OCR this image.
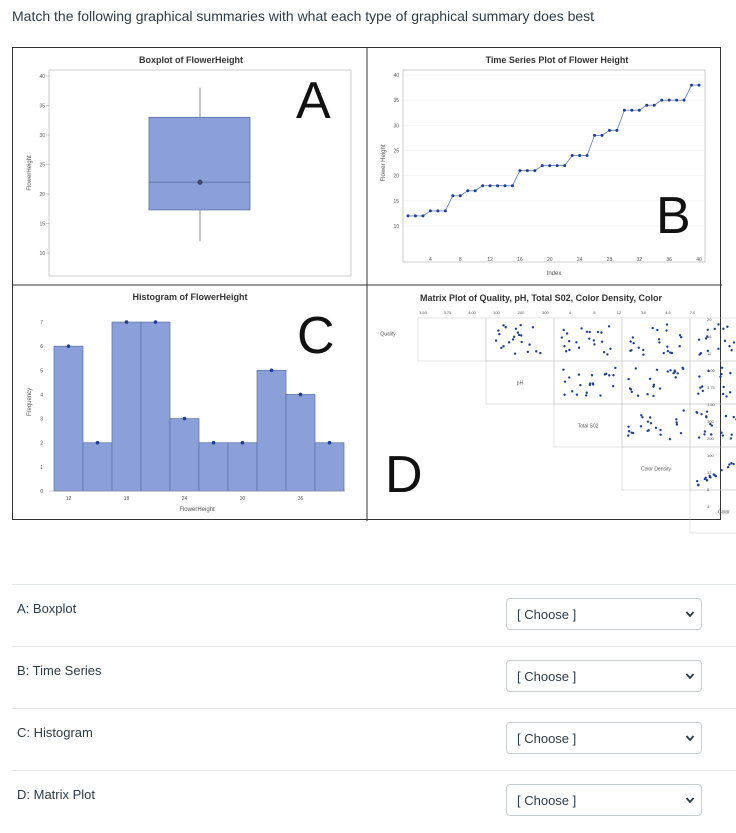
Match the following graphical summaries with what each type of graphical summary does best
Boxplot of FlowerHeight
FlowerHeight
10
15
20
25
30
35
40	A
Time Series Plot of Flower Height
Flower Height
Index
10
15
20
25
30
35
40
4	8	12	16	20	24	28	32	36	40
B
Histogram of FlowerHeight
Frequency
FlowerHeight
0
1
2
3
4
5
6
7
12	18	24	30	36
C
Matrix Plot of Quality, pH, Total S02, Color Density, Color
Quality
pH
Total S02
Color Density
Color
3.50	3.75	4.00	100	200	300	4	8	12	3.0	4.5	7.0
20
16
12
4.00
3.75
3.50
300
200
100
12
8
4
D
A: Boxplot	[ Choose ]
B: Time Series	[ Choose ]
C: Histogram	[ Choose ]
D: Matrix Plot	[ Choose ]
